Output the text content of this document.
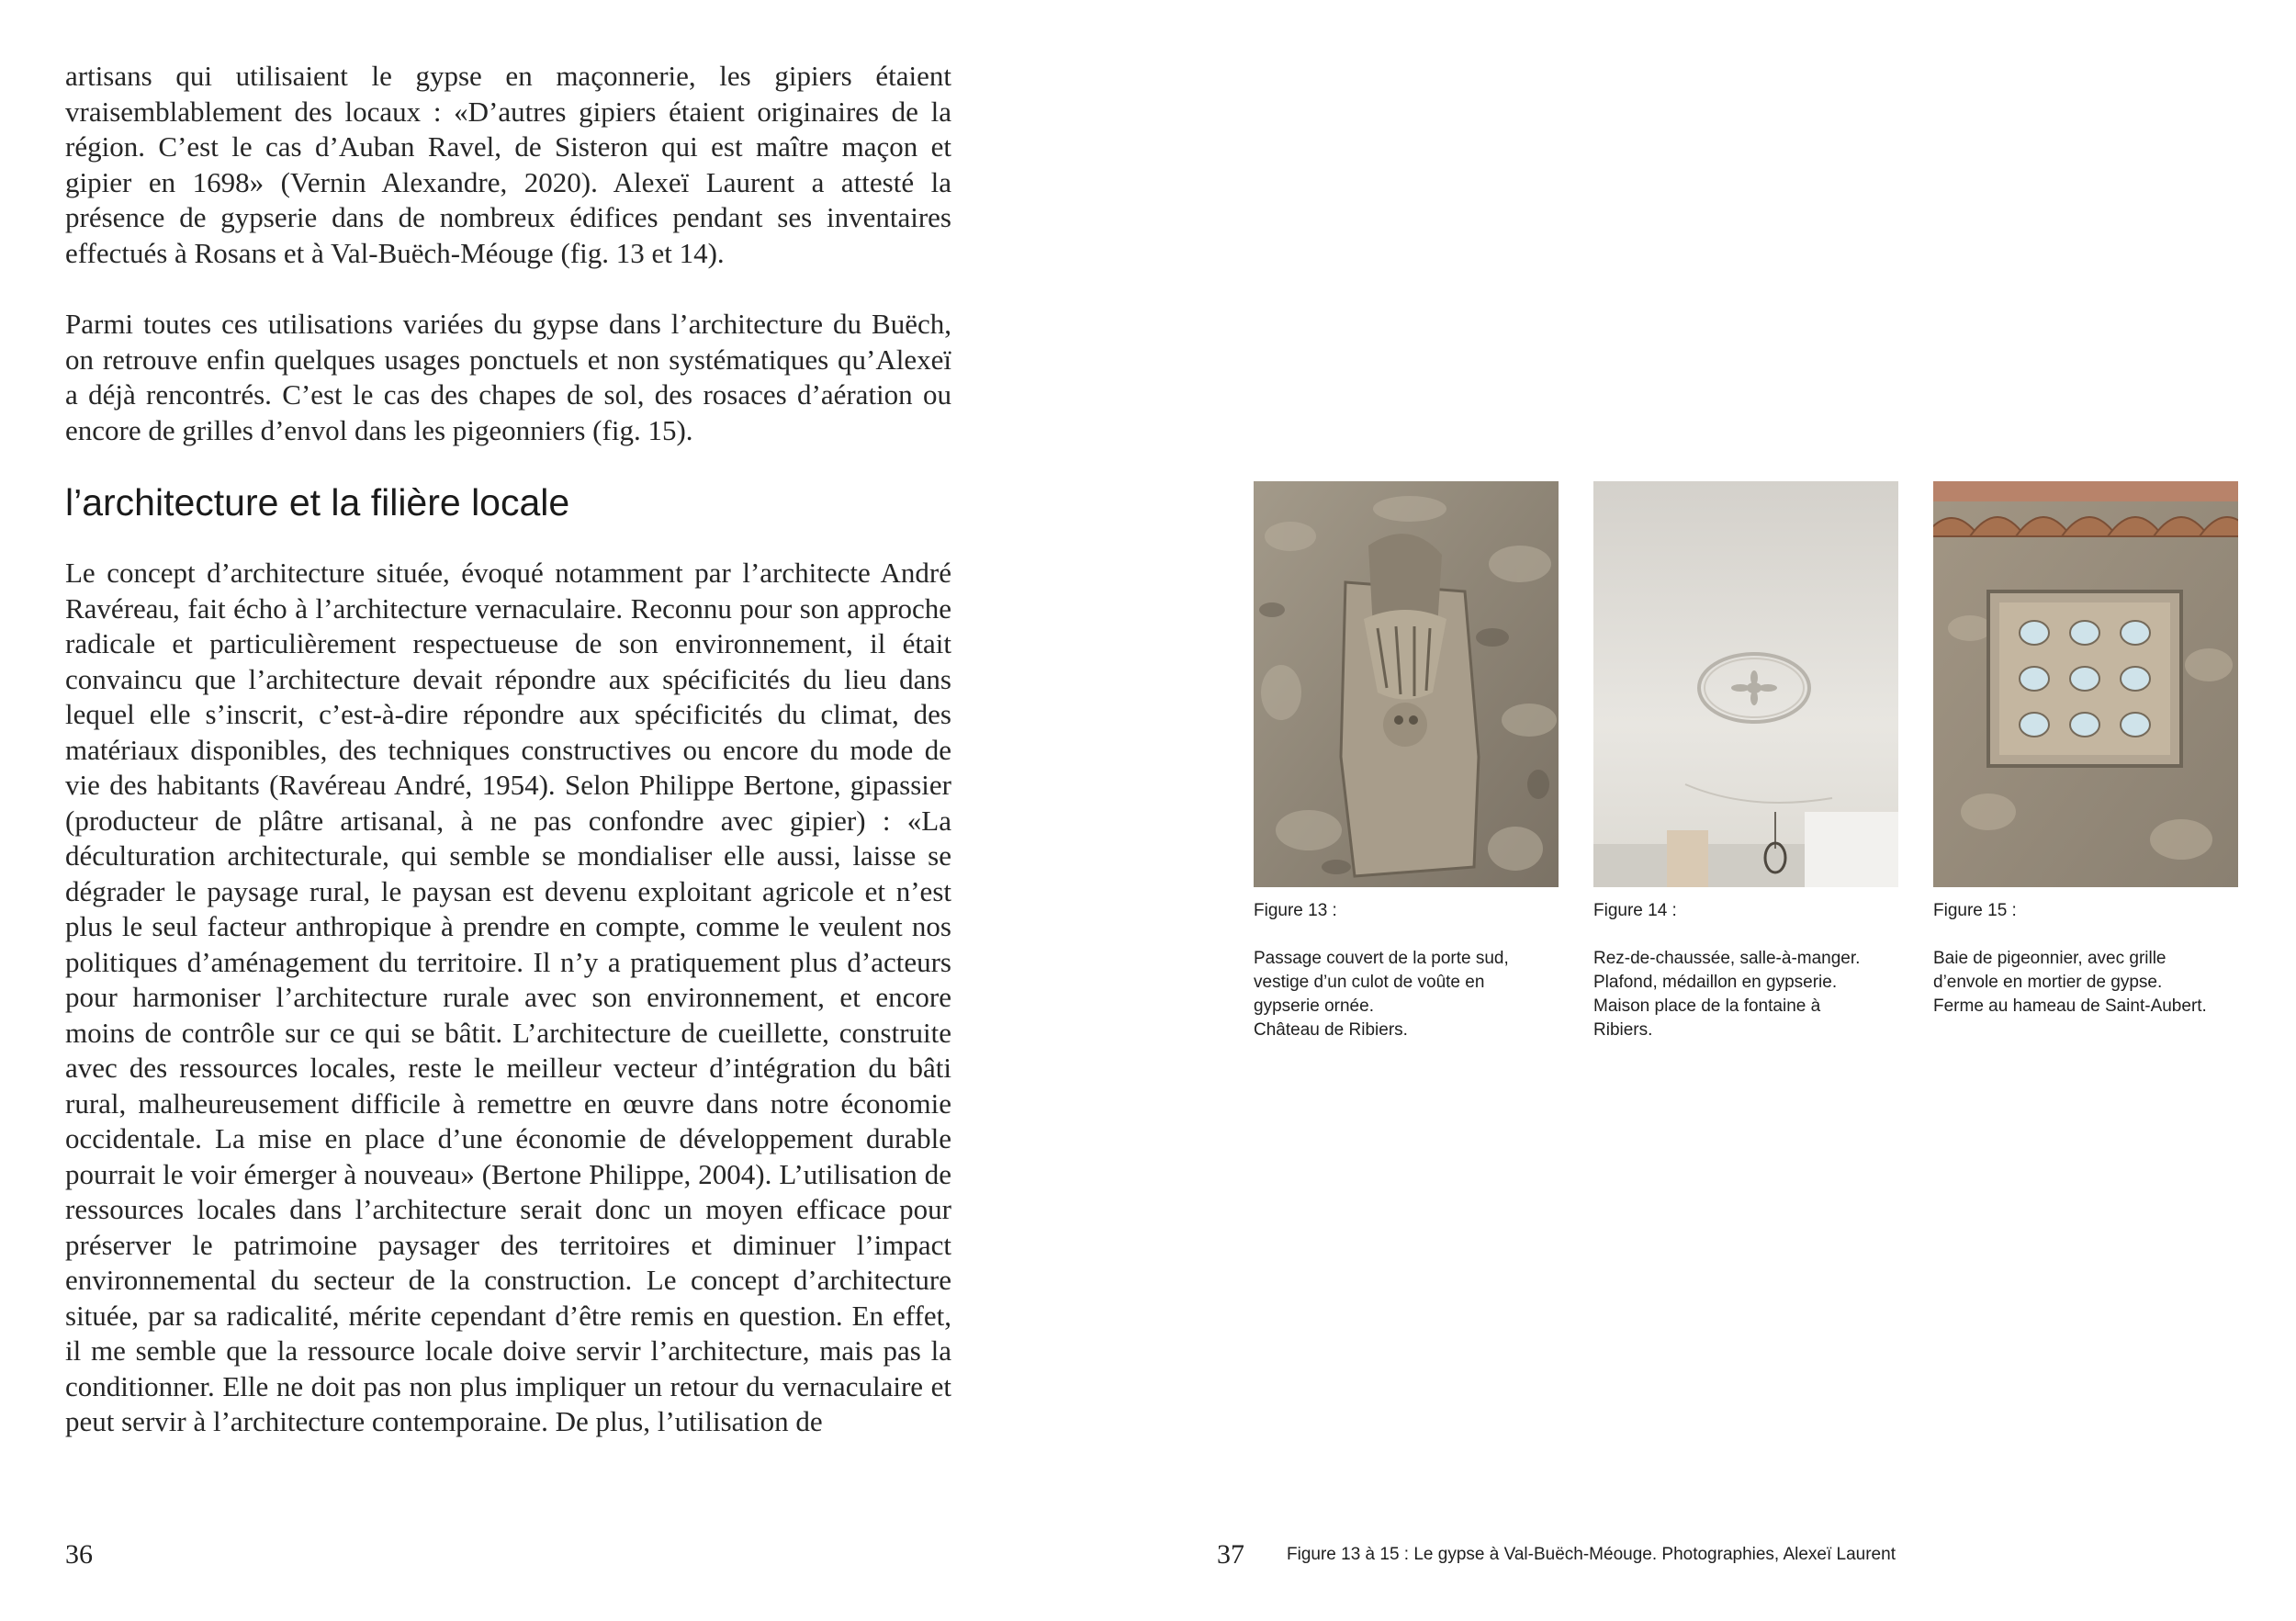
artisans qui utilisaient le gypse en maçonnerie, les gipiers étaient vraisemblablement des locaux : «D’autres gipiers étaient originaires de la région. C’est le cas d’Auban Ravel, de Sisteron qui est maître maçon et gipier en 1698» (Vernin Alexandre, 2020). Alexeï Laurent a attesté la présence de gypserie dans de nombreux édifices pendant ses inventaires effectués à Rosans et à Val-Buëch-Méouge (fig. 13 et 14).

Parmi toutes ces utilisations variées du gypse dans l’architecture du Buëch, on retrouve enfin quelques usages ponctuels et non systématiques qu’Alexeï a déjà rencontrés. C’est le cas des chapes de sol, des rosaces d’aération ou encore de grilles d’envol dans les pigeonniers (fig. 15).

l’architecture et la filière locale

Le concept d’architecture située, évoqué notamment par l’architecte André Ravéreau, fait écho à l’architecture vernaculaire. Reconnu pour son approche radicale et particulièrement respectueuse de son environnement, il était convaincu que l’architecture devait répondre aux spécificités du lieu dans lequel elle s’inscrit, c’est-à-dire répondre aux spécificités du climat, des matériaux disponibles, des techniques constructives ou encore du mode de vie des habitants (Ravéreau André, 1954). Selon Philippe Bertone, gipassier (producteur de plâtre artisanal, à ne pas confondre avec gipier) : «La déculturation architecturale, qui semble se mondialiser elle aussi, laisse se dégrader le paysage rural, le paysan est devenu exploitant agricole et n’est plus le seul facteur anthropique à prendre en compte, comme le veulent nos politiques d’aménagement du territoire. Il n’y a pratiquement plus d’acteurs pour harmoniser l’architecture rurale avec son environnement, et encore moins de contrôle sur ce qui se bâtit. L’architecture de cueillette, construite avec des ressources locales, reste le meilleur vecteur d’intégration du bâti rural, malheureusement difficile à remettre en œuvre dans notre économie occidentale. La mise en place d’une économie de développement durable pourrait le voir émerger à nouveau» (Bertone Philippe, 2004). L’utilisation de ressources locales dans l’architecture serait donc un moyen efficace pour préserver le patrimoine paysager des territoires et diminuer l’impact environnemental du secteur de la construction. Le concept d’architecture située, par sa radicalité, mérite cependant d’être remis en question. En effet, il me semble que la ressource locale doive servir l’architecture, mais pas la conditionner. Elle ne doit pas non plus impliquer un retour du vernaculaire et peut servir à l’architecture contemporaine. De plus, l’utilisation de

36

Figure 13 :

Passage couvert de la porte sud,
vestige d’un culot de voûte en
gypserie ornée.
Château de Ribiers.

Figure 14 :

Rez-de-chaussée, salle-à-manger.
Plafond, médaillon en gypserie.
Maison place de la fontaine à
Ribiers.

Figure 15 :

Baie de pigeonnier, avec grille
d’envole en mortier de gypse.
Ferme au hameau de Saint-Aubert.

37 Figure 13 à 15 : Le gypse à Val-Buëch-Méouge. Photographies, Alexeï Laurent
